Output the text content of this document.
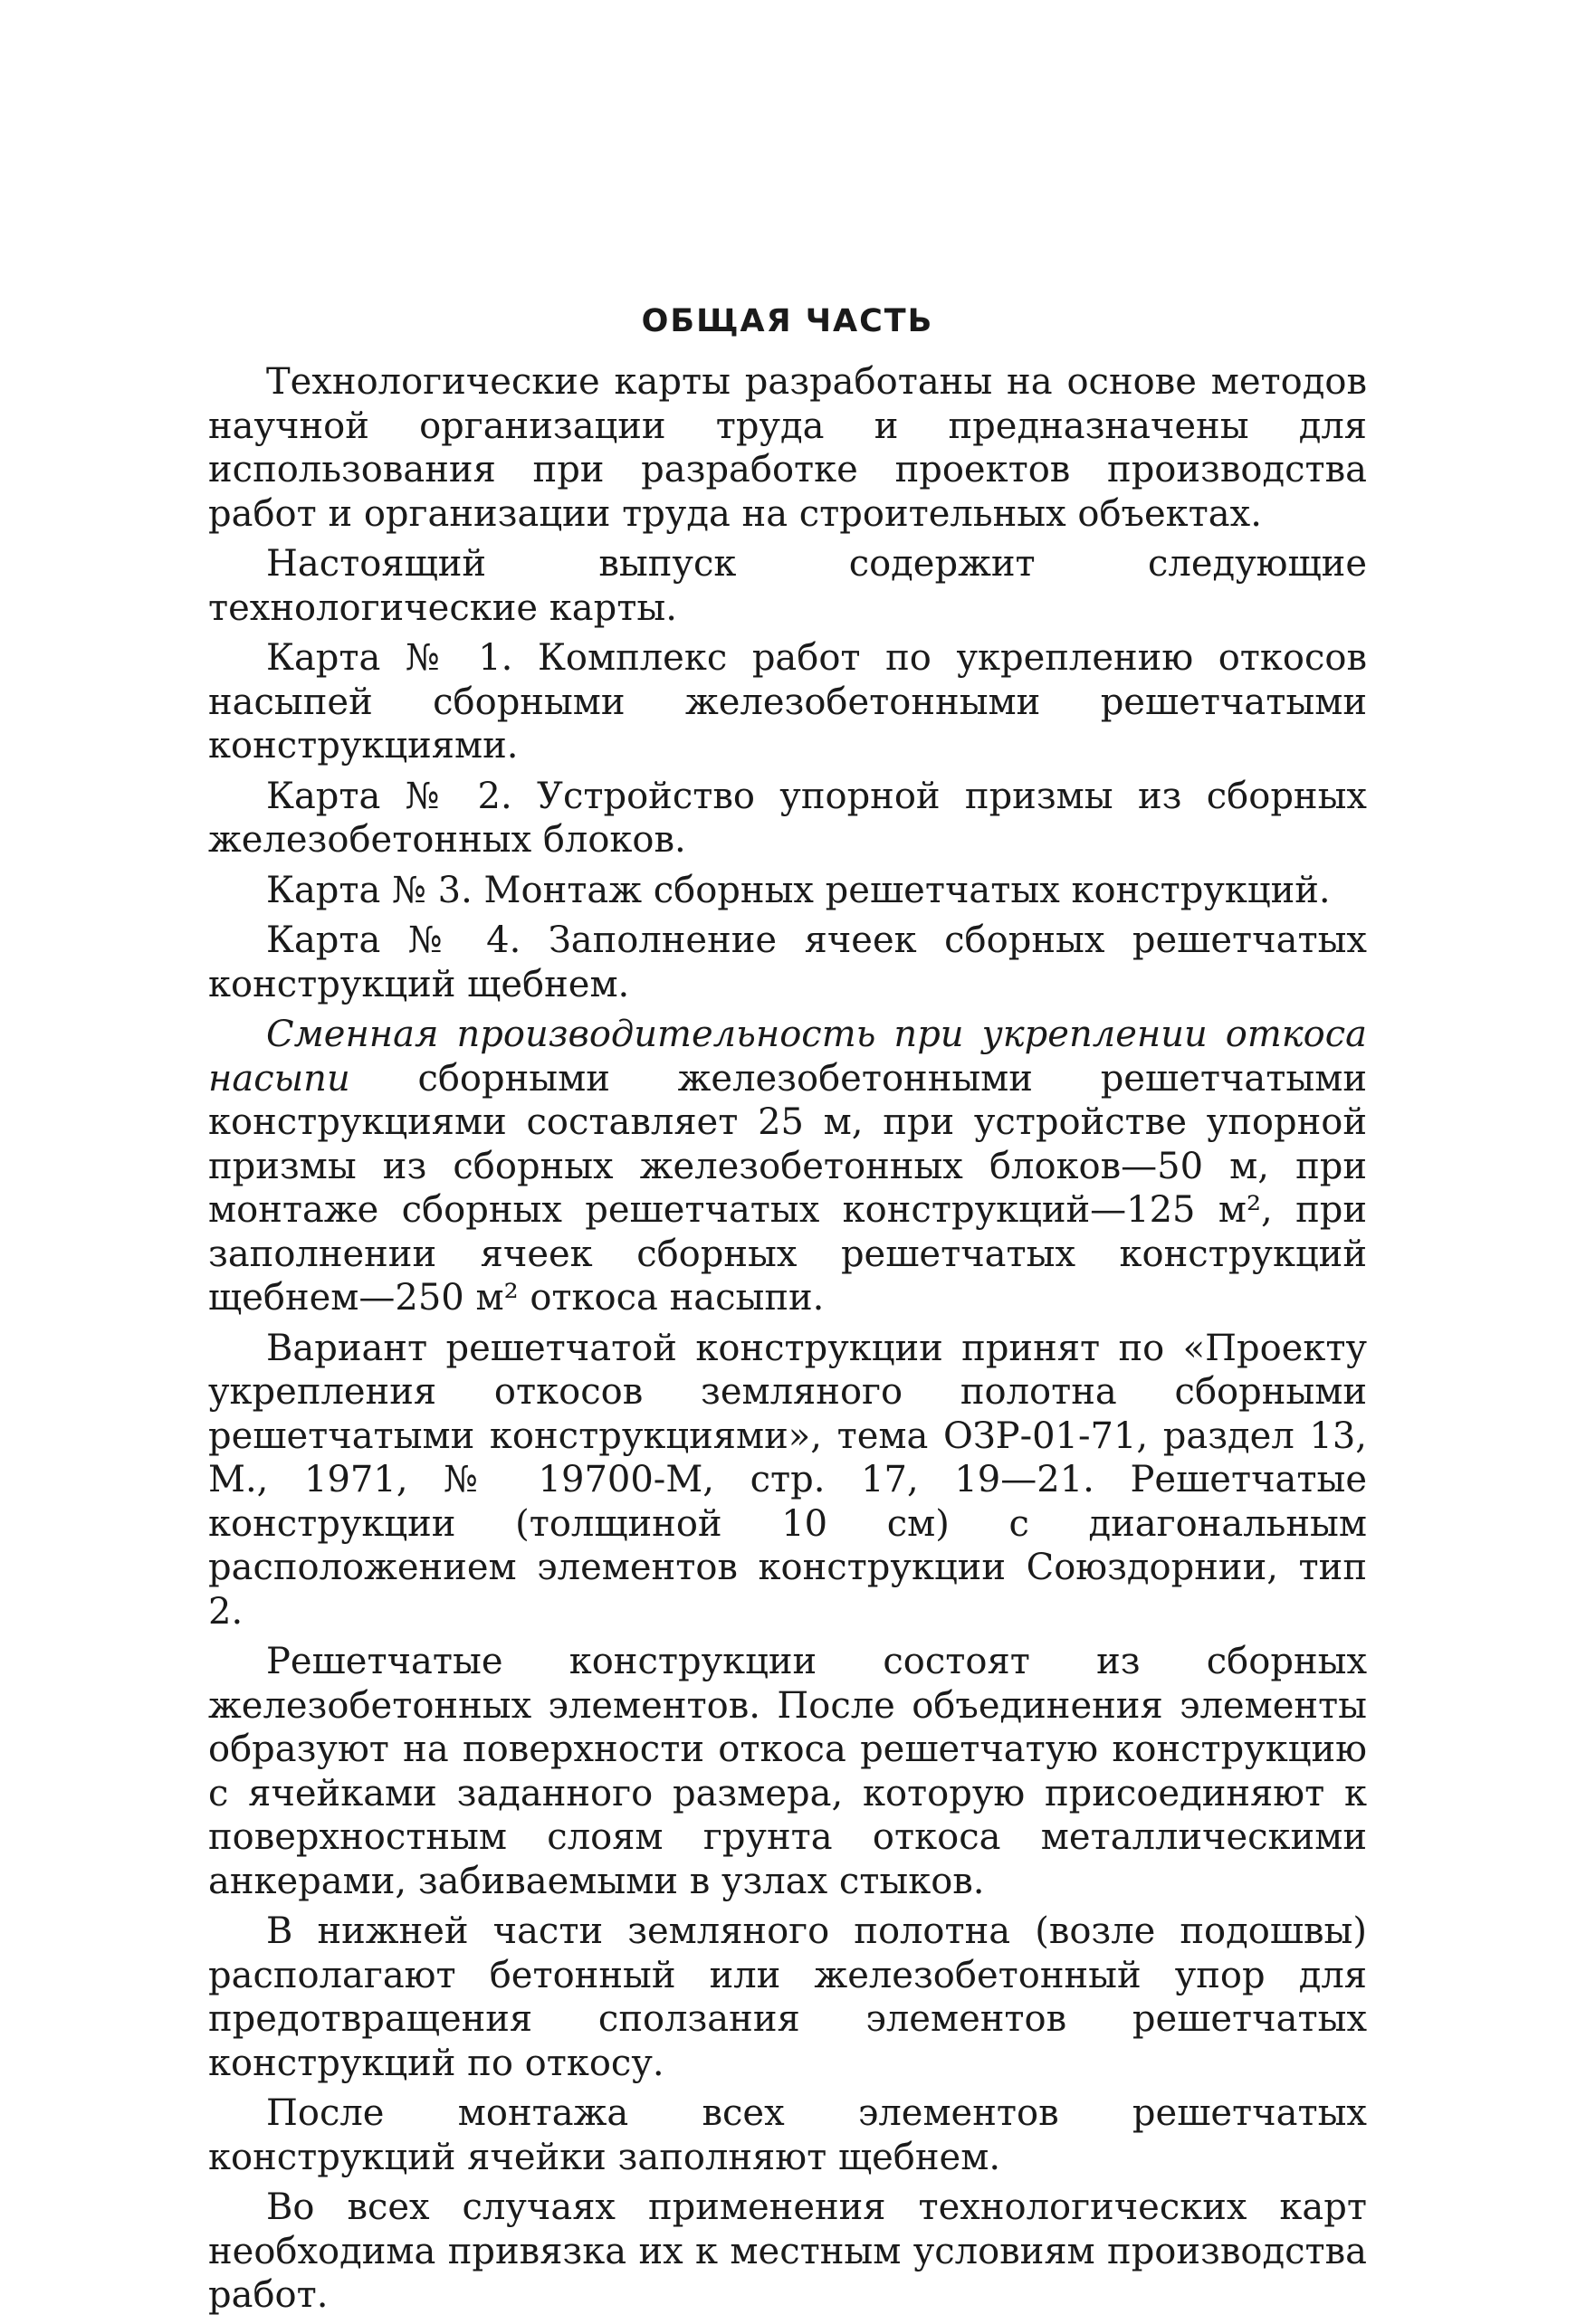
ОБЩАЯ ЧАСТЬ

Технологические карты разработаны на основе методов научной организации труда и предназначены для использования при разработке проектов производства работ и организации труда на строительных объектах.

Настоящий выпуск содержит следующие технологические карты.

Карта № 1. Комплекс работ по укреплению откосов насыпей сборными железобетонными решетчатыми конструкциями.

Карта № 2. Устройство упорной призмы из сборных железобетонных блоков.

Карта № 3. Монтаж сборных решетчатых конструкций.

Карта № 4. Заполнение ячеек сборных решетчатых конструкций щебнем.

Сменная производительность при укреплении откоса насыпи сборными железобетонными решетчатыми конструкциями составляет 25 м, при устройстве упорной призмы из сборных железобетонных блоков—50 м, при монтаже сборных решетчатых конструкций—125 м², при заполнении ячеек сборных решетчатых конструкций щебнем—250 м² откоса насыпи.

Вариант решетчатой конструкции принят по «Проекту укрепления откосов земляного полотна сборными решетчатыми конструкциями», тема ОЗР-01-71, раздел 13, М., 1971, № 19700-М, стр. 17, 19—21. Решетчатые конструкции (толщиной 10 см) с диагональным расположением элементов конструкции Союздорнии, тип 2.

Решетчатые конструкции состоят из сборных железобетонных элементов. После объединения элементы образуют на поверхности откоса решетчатую конструкцию с ячейками заданного размера, которую присоединяют к поверхностным слоям грунта откоса металлическими анкерами, забиваемыми в узлах стыков.

В нижней части земляного полотна (возле подошвы) располагают бетонный или железобетонный упор для предотвращения сползания элементов решетчатых конструкций по откосу.

После монтажа всех элементов решетчатых конструкций ячейки заполняют щебнем.

Во всех случаях применения технологических карт необходима привязка их к местным условиям производства работ.
